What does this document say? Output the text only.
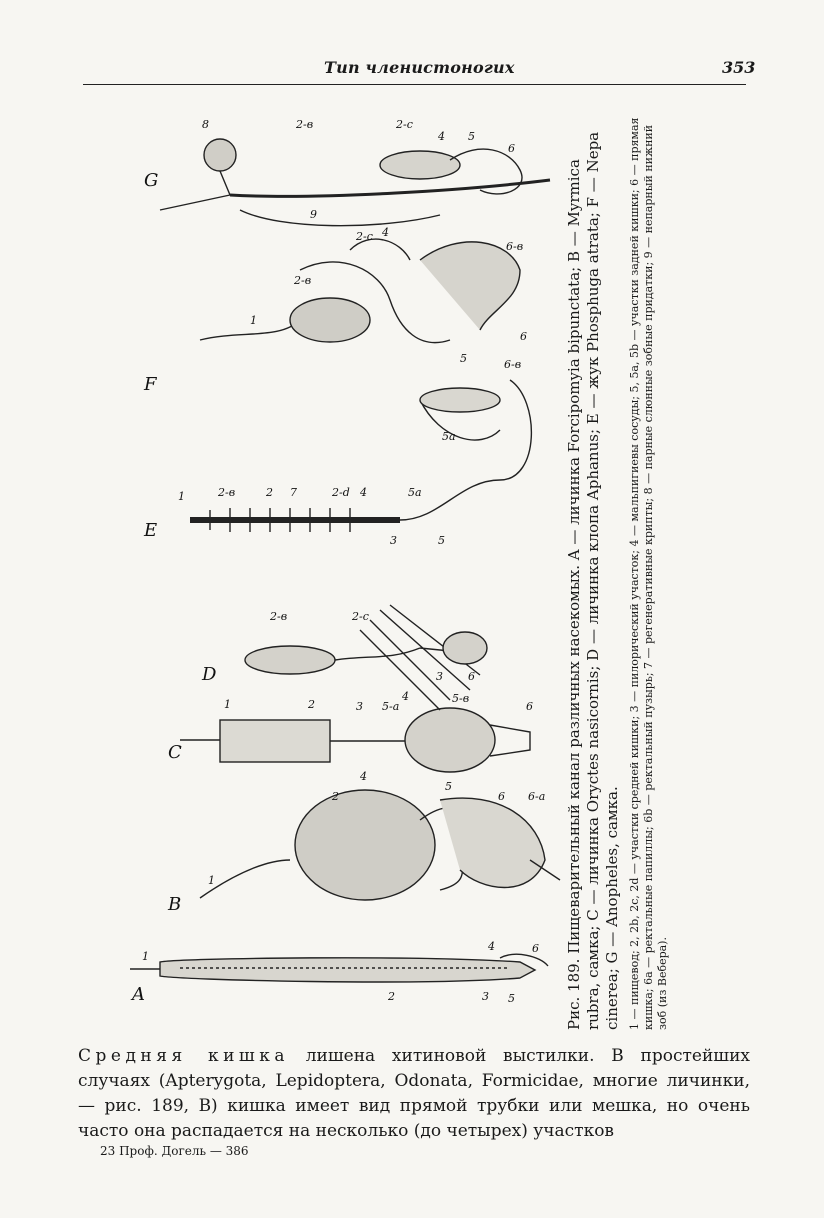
Тип членистоногих	353
1
4	6
2	3 5
1
2
5
6 6-a
1	2	3
4
5-a
5-в
6
2-в	2-с
4
3 6
1	2-в	2 7	2-d 4
3	5
5а
5а
6-в
1
2-в
2-с 4
6-в
5
6
8	2-в	2-с
4 5
6
9
A
B
C
D
E
F
G	Рис. 189. Пищеварительный канал различных насекомых. A — личинка Forcipomyia bipunctata; B — Myrmica rubra, самка; C — личинка Oryctes nasicornis; D — личинка клопа Aphanus; E — жук Phosphuga atrata; F — Nepa cinerea; G — Anopheles, самка. 1 — пищевод; 2, 2b, 2c, 2d — участки средней кишки; 3 — пилорический участок; 4 — мальпигиевы сосуды; 5, 5a, 5b — участки задней кишки; 6 — прямая кишка; 6a — ректальные папиллы; 6b — ректальный пузырь; 7 — регенеративные крипты; 8 — парные слюнные зобные придатки; 9 — непарный нижний зоб (из Вебера).

Средняя кишка лишена хитиновой выстилки. В простейших случаях (Apterygota, Lepidoptera, Odonata, Formicidae, многие личинки, — рис. 189, B) кишка имеет вид прямой трубки или мешка, но очень часто она распадается на несколько (до четырех) участков
23 Проф. Догель — 386
